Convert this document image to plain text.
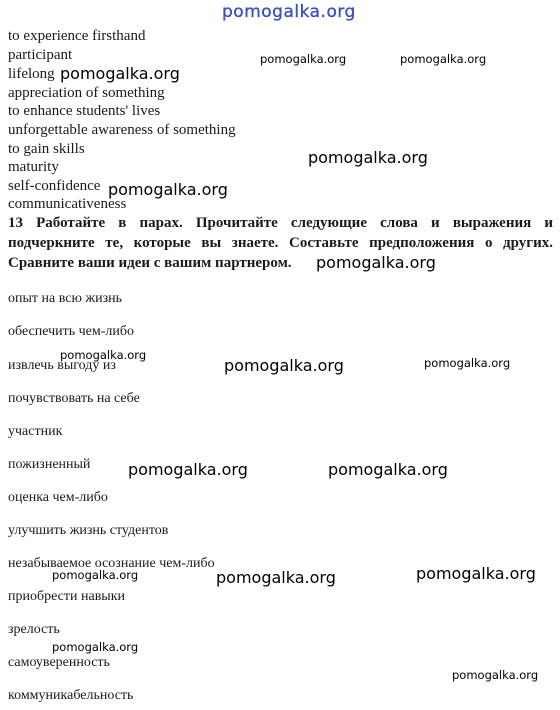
pomogalka.org
to experience firsthand
participant
lifelong
appreciation of something
to enhance students' lives
unforgettable awareness of something
to gain skills
maturity
self-confidence
communicativeness
13 Работайте в парах. Прочитайте следующие слова и выражения и подчеркните те, которые вы знаете. Составьте предположения о других. Сравните ваши идеи с вашим партнером.
опыт на всю жизнь
обеспечить чем-либо
извлечь выгоду из
почувствовать на себе
участник
пожизненный
оценка чем-либо
улучшить жизнь студентов
незабываемое осознание чем-либо
приобрести навыки
зрелость
самоуверенность
коммуникабельность
pomogalka.org
pomogalka.org	pomogalka.org
pomogalka.org
pomogalka.org
pomogalka.org
pomogalka.org
pomogalka.org	pomogalka.org
pomogalka.org	pomogalka.org
pomogalka.org	pomogalka.org	pomogalka.org
pomogalka.org
pomogalka.org
